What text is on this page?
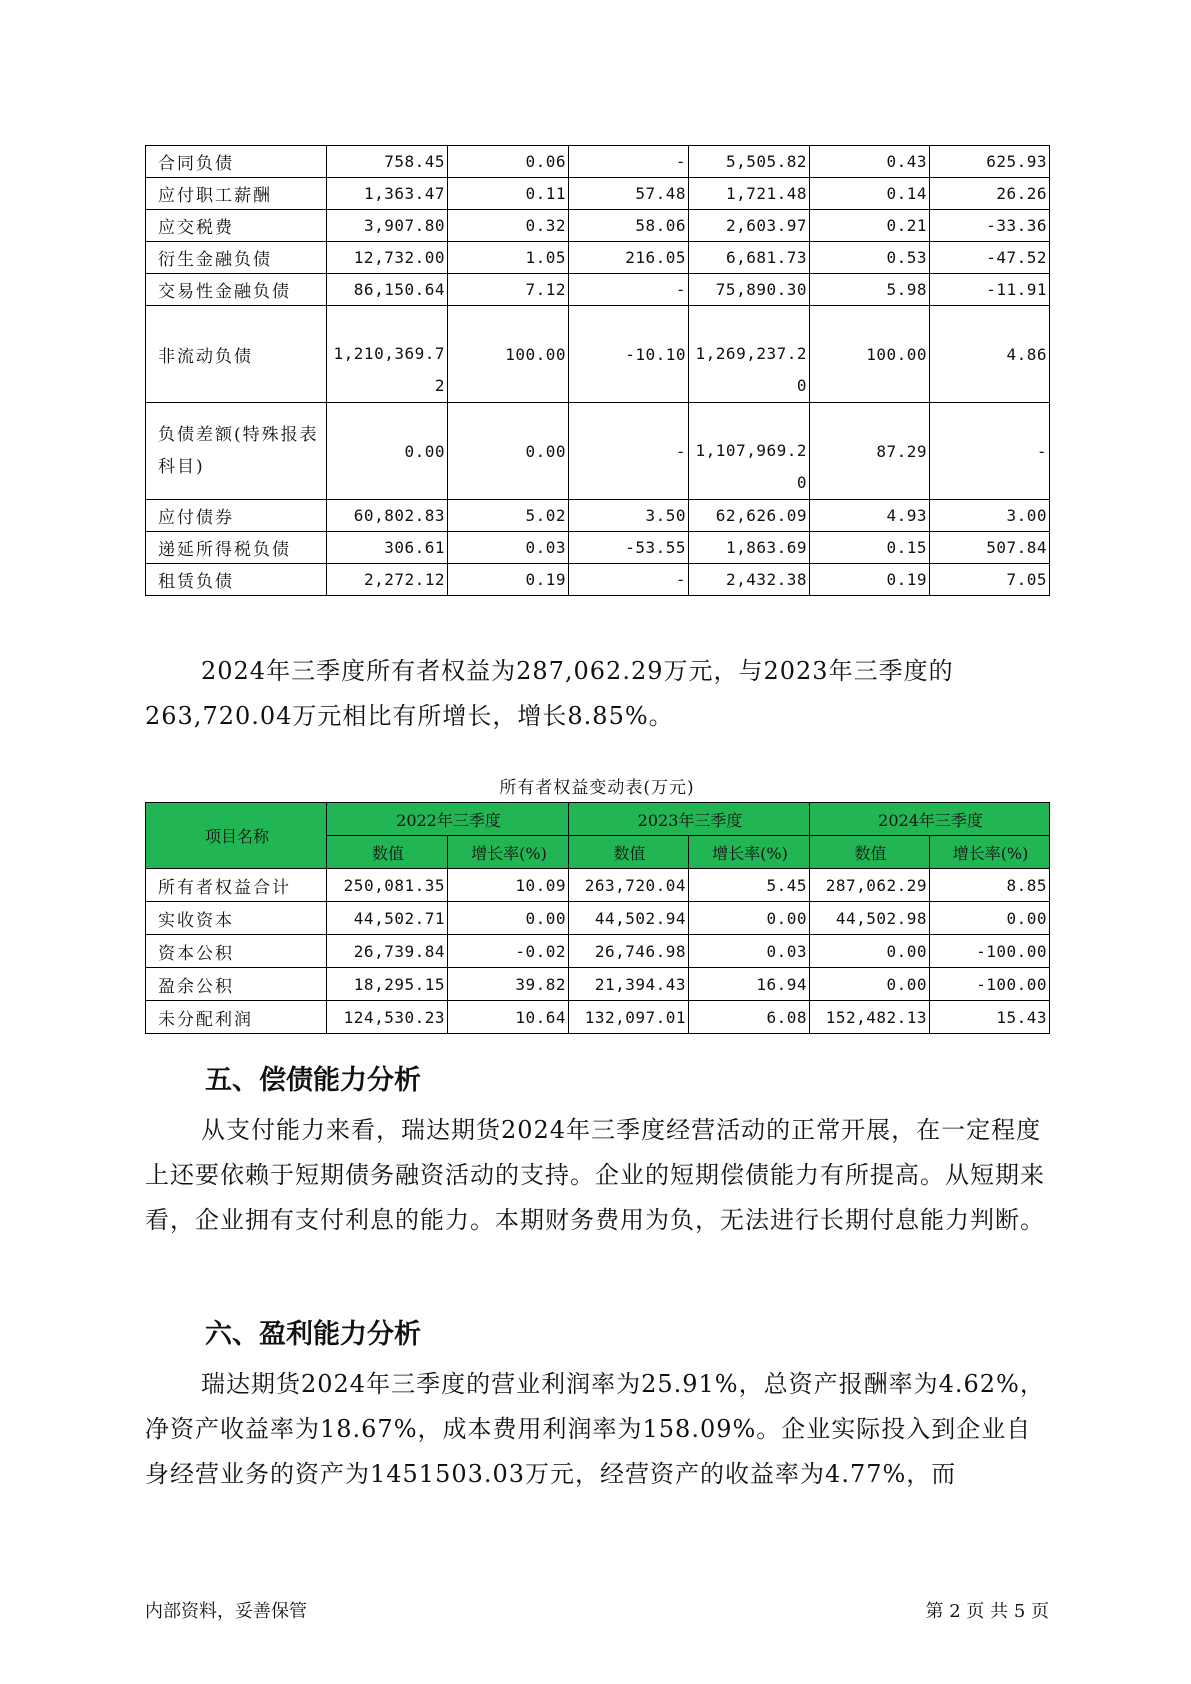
合同负债	758.45	0.06	-	5,505.82	0.43	625.93
应付职工薪酬	1,363.47	0.11	57.48	1,721.48	0.14	26.26
应交税费	3,907.80	0.32	58.06	2,603.97	0.21	-33.36
衍生金融负债	12,732.00	1.05	216.05	6,681.73	0.53	-47.52
交易性金融负债	86,150.64	7.12	-	75,890.30	5.98	-11.91
非流动负债	1,210,369.72	100.00	-10.10	1,269,237.20	100.00	4.86
负债差额(特殊报表科目)	0.00	0.00	-	1,107,969.20	87.29	-
应付债券	60,802.83	5.02	3.50	62,626.09	4.93	3.00
递延所得税负债	306.61	0.03	-53.55	1,863.69	0.15	507.84
租赁负债	2,272.12	0.19	-	2,432.38	0.19	7.05

2024年三季度所有者权益为287,062.29万元，与2023年三季度的263,720.04万元相比有所增长，增长8.85%。

所有者权益变动表(万元)
项目名称	2022年三季度		2023年三季度		2024年三季度	
	数值	增长率(%)	数值	增长率(%)	数值	增长率(%)
所有者权益合计	250,081.35	10.09	263,720.04	5.45	287,062.29	8.85
实收资本	44,502.71	0.00	44,502.94	0.00	44,502.98	0.00
资本公积	26,739.84	-0.02	26,746.98	0.03	0.00	-100.00
盈余公积	18,295.15	39.82	21,394.43	16.94	0.00	-100.00
未分配利润	124,530.23	10.64	132,097.01	6.08	152,482.13	15.43
五、偿债能力分析

从支付能力来看，瑞达期货2024年三季度经营活动的正常开展，在一定程度上还要依赖于短期债务融资活动的支持。企业的短期偿债能力有所提高。从短期来看，企业拥有支付利息的能力。本期财务费用为负，无法进行长期付息能力判断。

六、盈利能力分析

瑞达期货2024年三季度的营业利润率为25.91%，总资产报酬率为4.62%，净资产收益率为18.67%，成本费用利润率为158.09%。企业实际投入到企业自身经营业务的资产为1451503.03万元，经营资产的收益率为4.77%，而

内部资料，妥善保管	第 2 页 共 5 页
